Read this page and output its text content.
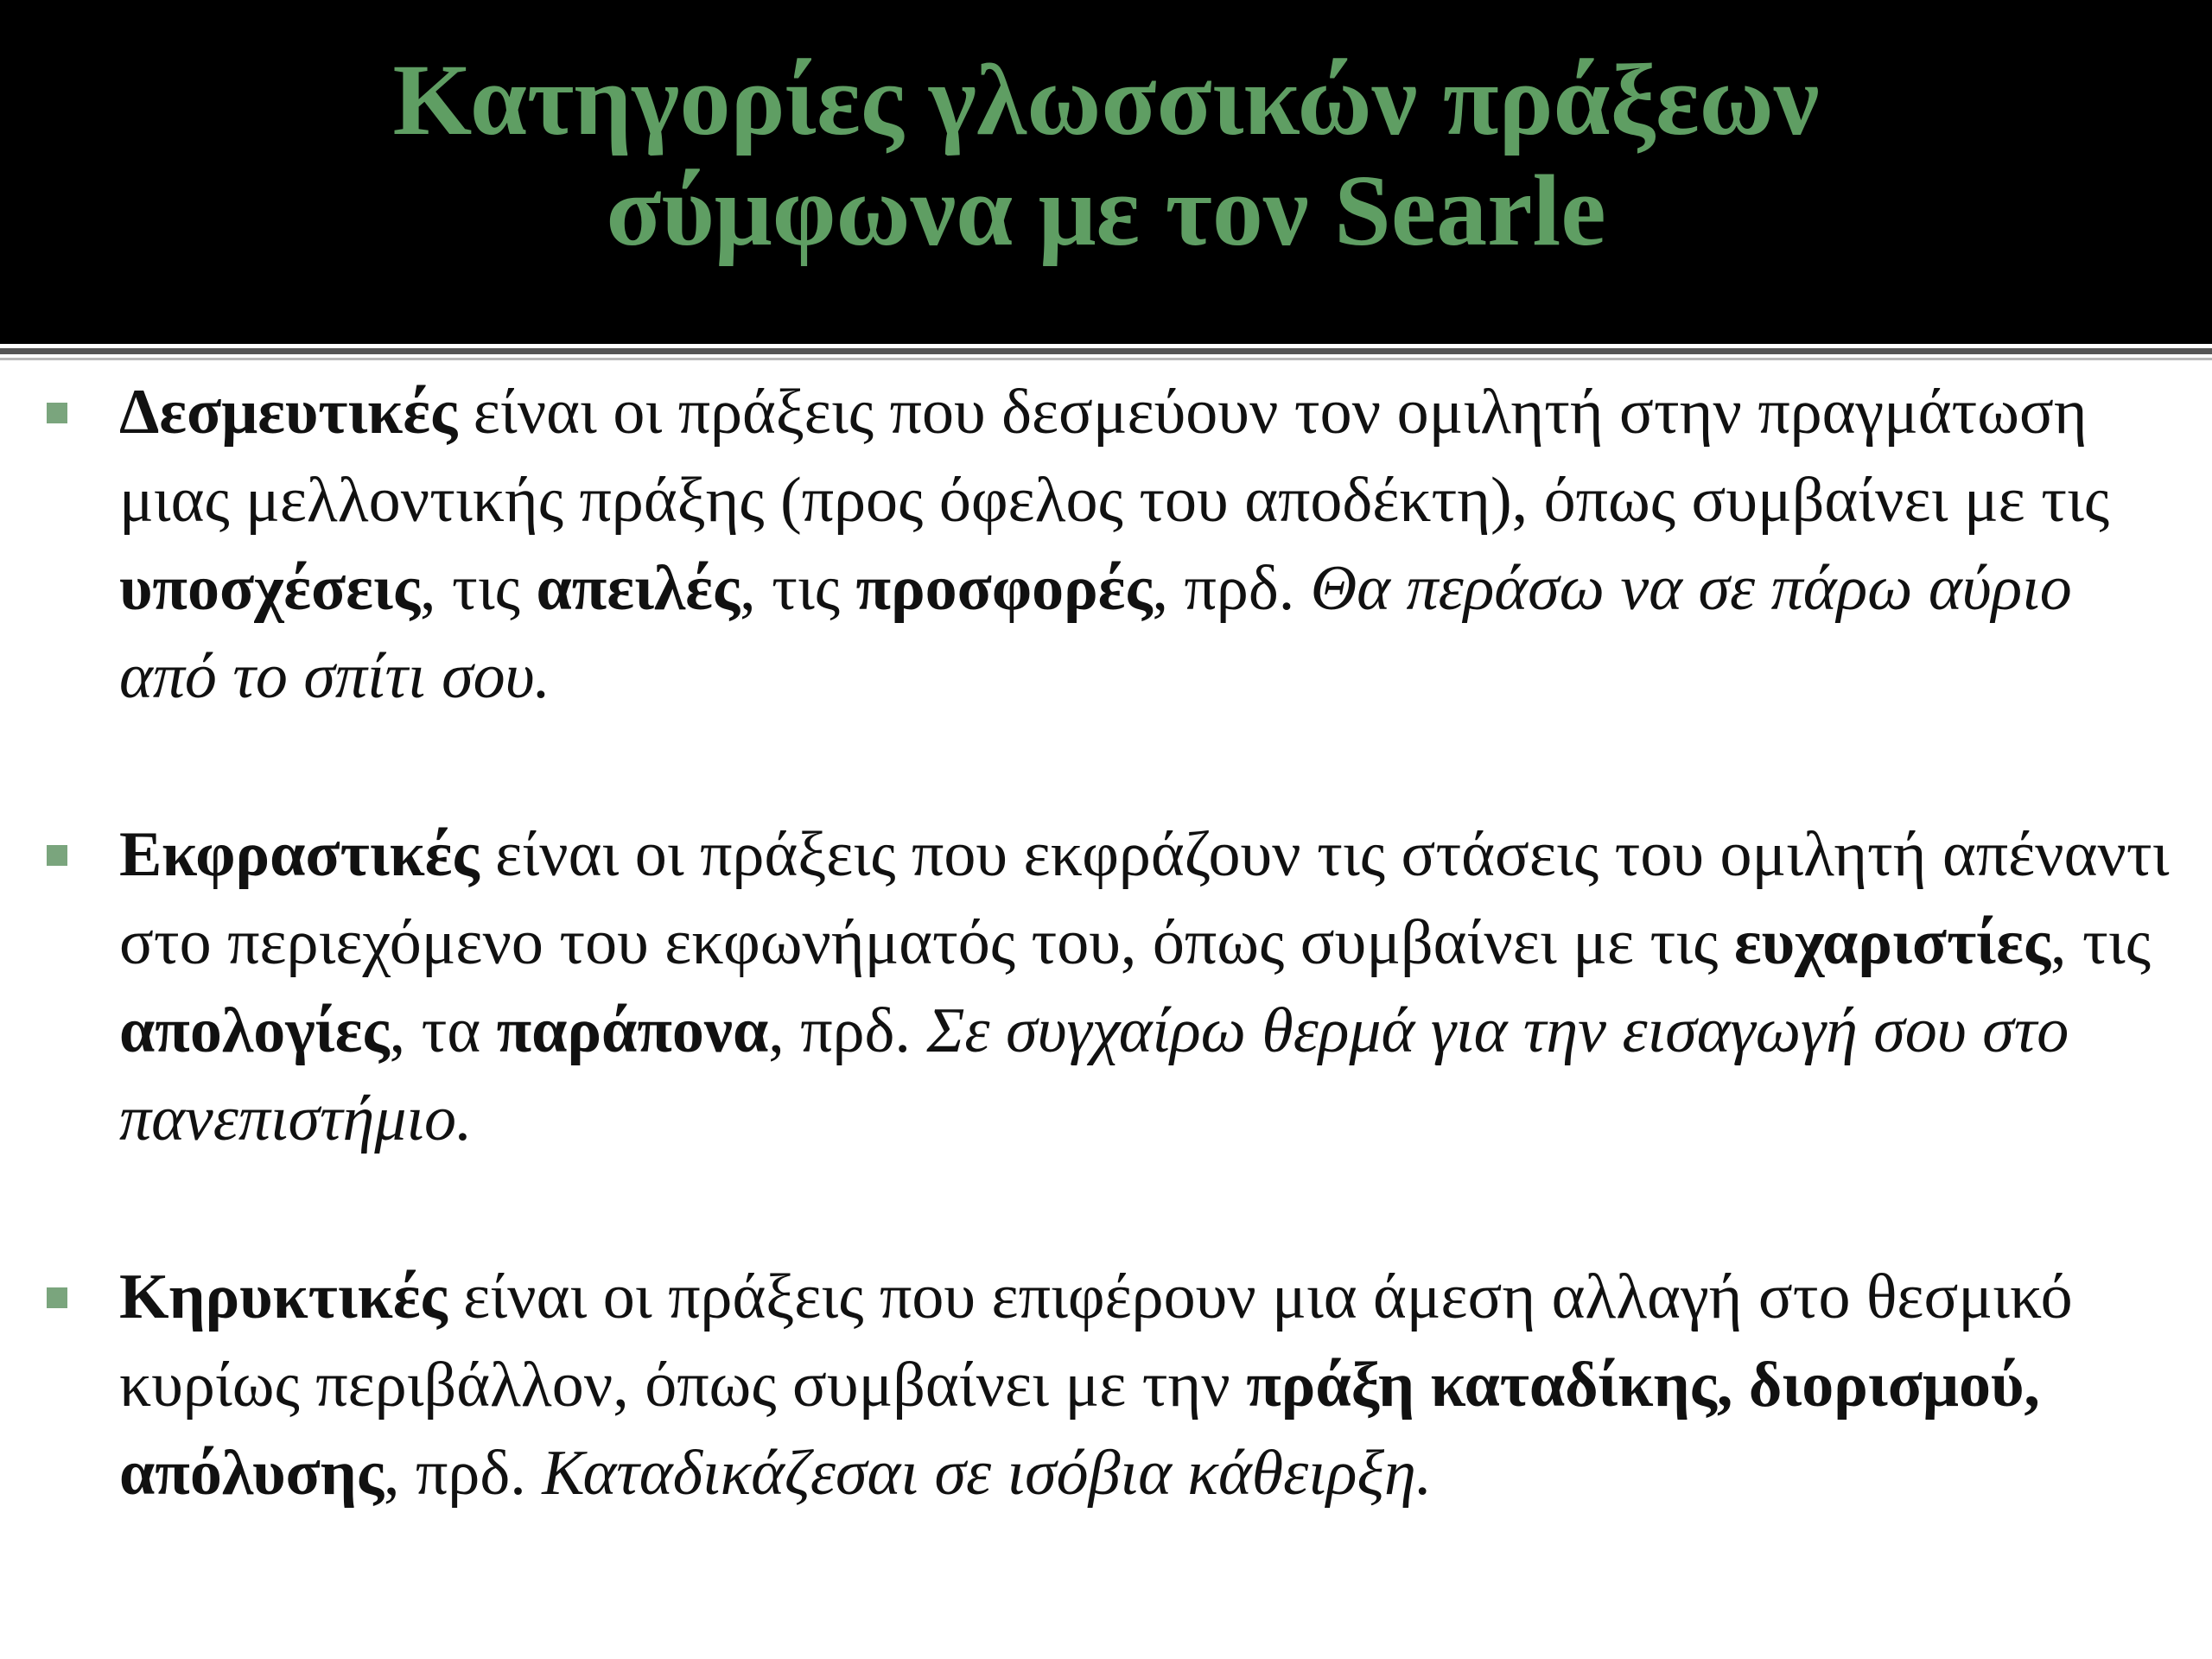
Κατηγορίες γλωσσικών πράξεων
σύμφωνα με τον Searle
Δεσμευτικές είναι οι πράξεις που δεσμεύουν τον ομιλητή στην πραγμάτωση μιας μελλοντικής πράξης (προς όφελος του αποδέκτη), όπως συμβαίνει με τις υποσχέσεις, τις απειλές, τις προσφορές, πρδ. Θα περάσω να σε πάρω αύριο από το σπίτι σου.
Εκφραστικές είναι οι πράξεις που εκφράζουν τις στάσεις του ομιλητή απέναντι στο περιεχόμενο του εκφωνήματός του, όπως συμβαίνει με τις ευχαριστίες, τις απολογίες, τα παράπονα, πρδ. Σε συγχαίρω θερμά για την εισαγωγή σου στο πανεπιστήμιο.
Κηρυκτικές είναι οι πράξεις που επιφέρουν μια άμεση αλλαγή στο θεσμικό κυρίως περιβάλλον, όπως συμβαίνει με την πράξη καταδίκης, διορισμού, απόλυσης, πρδ. Καταδικάζεσαι σε ισόβια κάθειρξη.
